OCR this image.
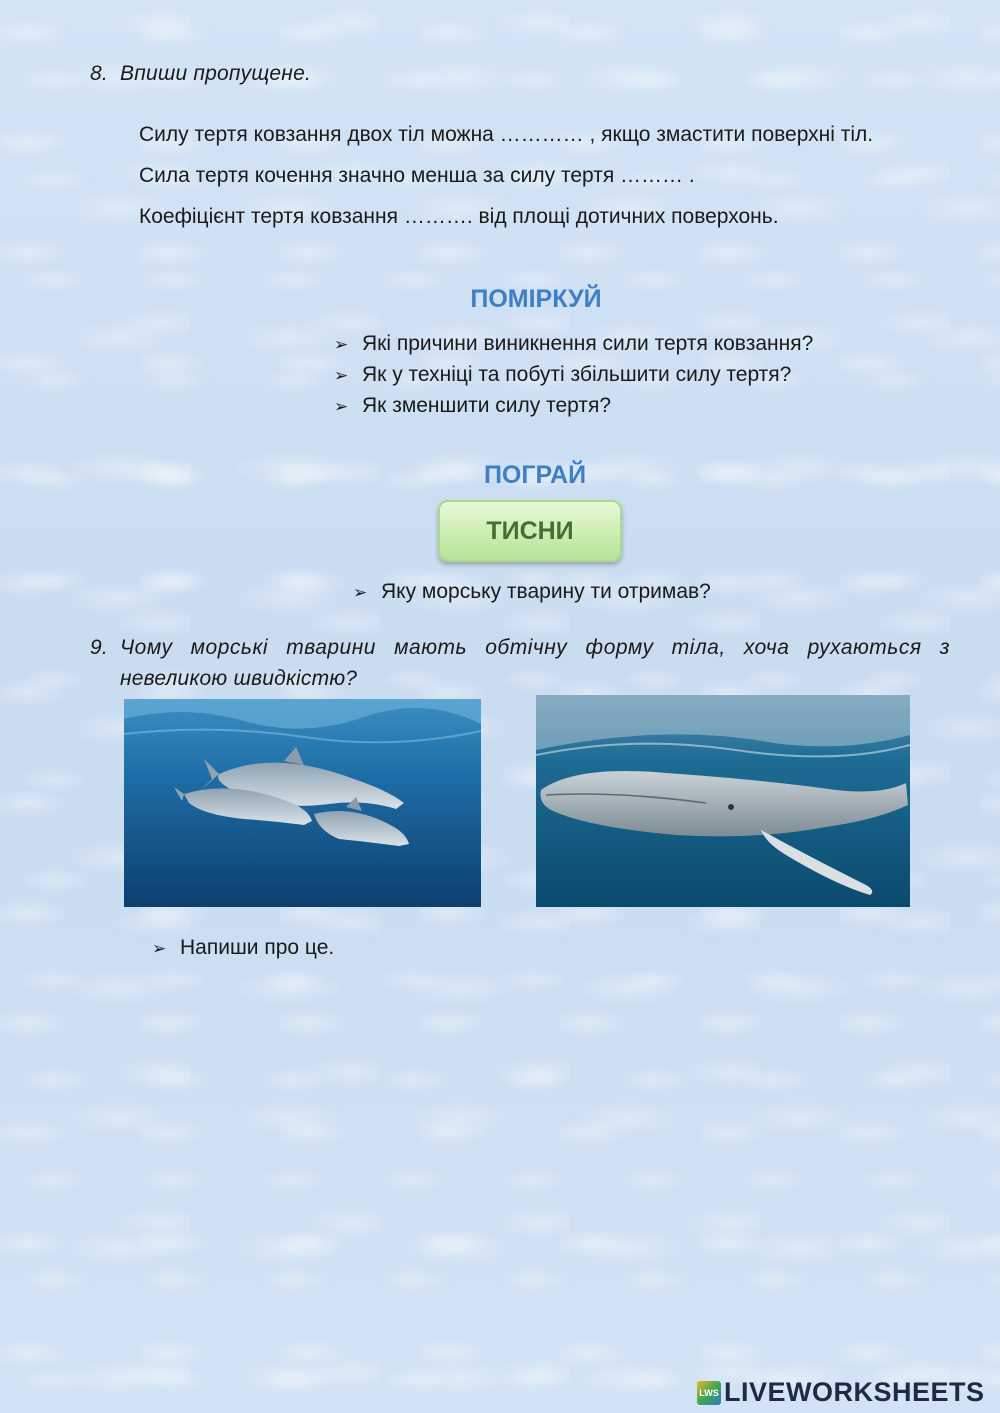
8. Впиши пропущене.
Силу тертя ковзання двох тіл можна ………… , якщо змастити поверхні тіл.
Сила тертя кочення значно менша за силу тертя ……… .
Коефіцієнт тертя ковзання ………. від площі дотичних поверхонь.
ПОМІРКУЙ
➢ Які причини виникнення сили тертя ковзання?
➢ Як у техніці та побуті збільшити силу тертя?
➢ Як зменшити силу тертя?
ПОГРАЙ
ТИСНИ
➢ Яку морську тварину ти отримав?
9. Чому морські тварини мають обтічну форму тіла, хоча рухаються з
невеликою швидкістю?
➢ Напиши про це.
LWS LIVEWORKSHEETS
